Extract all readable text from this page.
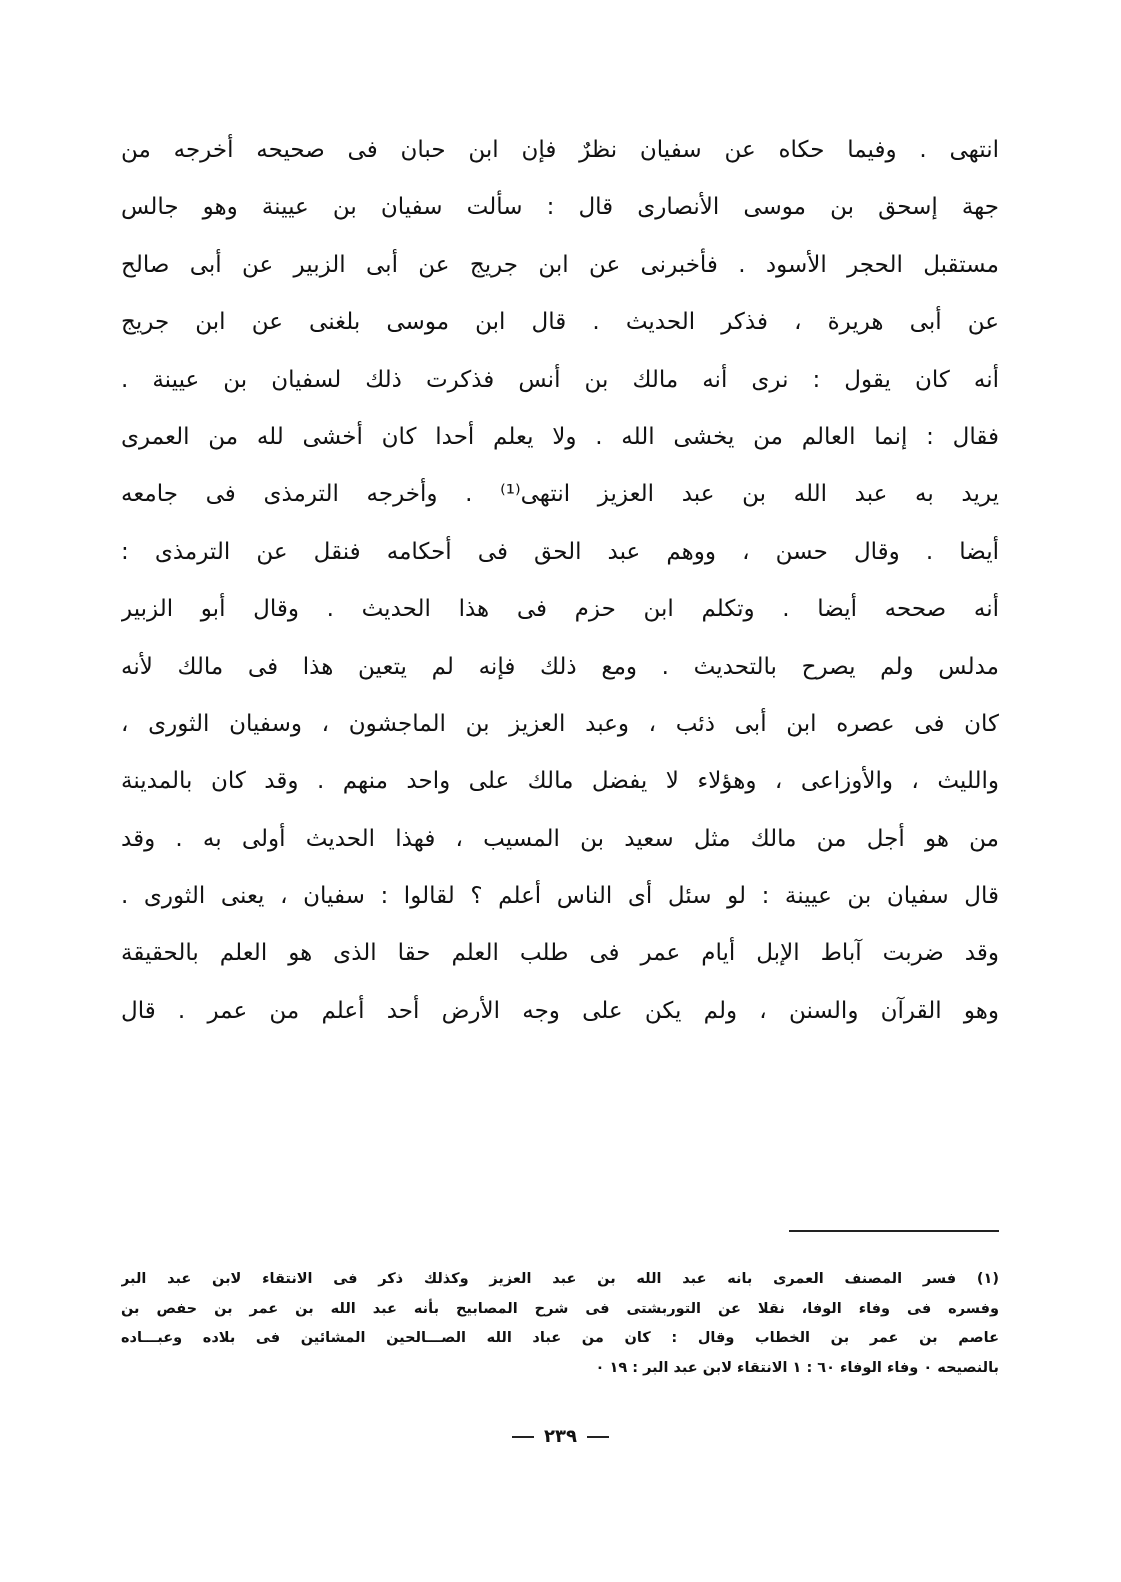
انتهى . وفيما حكاه عن سفيان نظرٌ فإن ابن حبان فى صحيحه أخرجه من
جهة إسحق بن موسى الأنصارى قال : سألت سفيان بن عيينة وهو جالس
مستقبل الحجر الأسود . فأخبرنى عن ابن جريج عن أبى الزبير عن أبى صالح
عن أبى هريرة ، فذكر الحديث . قال ابن موسى بلغنى عن ابن جريج
أنه كان يقول : نرى أنه مالك بن أنس فذكرت ذلك لسفيان بن عيينة .
فقال : إنما العالم من يخشى الله . ولا يعلم أحدا كان أخشى لله من العمرى
يريد به عبد الله بن عبد العزيز انتهى⁽¹⁾ . وأخرجه الترمذى فى جامعه
أيضا . وقال حسن ، ووهم عبد الحق فى أحكامه فنقل عن الترمذى :
أنه صححه أيضا . وتكلم ابن حزم فى هذا الحديث . وقال أبو الزبير
مدلس ولم يصرح بالتحديث . ومع ذلك فإنه لم يتعين هذا فى مالك لأنه
كان فى عصره ابن أبى ذئب ، وعبد العزيز بن الماجشون ، وسفيان الثورى ،
والليث ، والأوزاعى ، وهؤلاء لا يفضل مالك على واحد منهم . وقد كان بالمدينة
من هو أجل من مالك مثل سعيد بن المسيب ، فهذا الحديث أولى به . وقد
قال سفيان بن عيينة : لو سئل أى الناس أعلم ؟ لقالوا : سفيان ، يعنى الثورى .
وقد ضربت آباط الإبل أيام عمر فى طلب العلم حقا الذى هو العلم بالحقيقة
وهو القرآن والسنن ، ولم يكن على وجه الأرض أحد أعلم من عمر . قال
(١) فسر المصنف العمرى بانه عبد الله بن عبد العزيز وكذلك ذكر فى الانتقاء لابن عبد البر
وفسره فى وفاء الوفا، نقلا عن التوربشتى فى شرح المصابيح بأنه عبد الله بن عمر بن حفص بن
عاصم بن عمر بن الخطاب وقال : كان من عباد الله الصـــالحين المشائين فى بلاده وعبـــاده
بالنصيحه ٠ وفاء الوفاء ٦٠ : ١ الانتقاء لابن عبد البر : ١٩ ٠
٢٣٩
